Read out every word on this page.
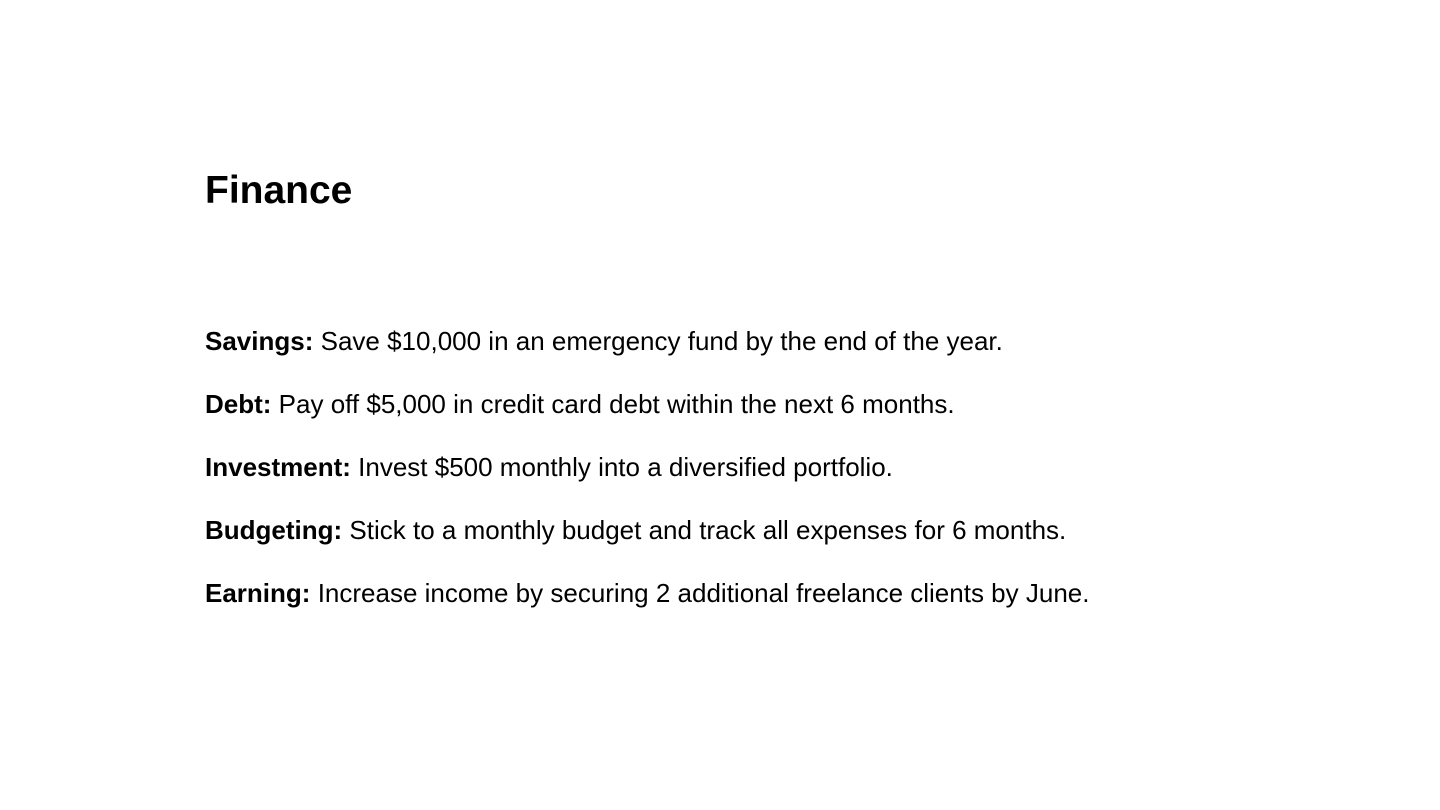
Finance
Savings: Save $10,000 in an emergency fund by the end of the year.
Debt: Pay off $5,000 in credit card debt within the next 6 months.
Investment: Invest $500 monthly into a diversified portfolio.
Budgeting: Stick to a monthly budget and track all expenses for 6 months.
Earning: Increase income by securing 2 additional freelance clients by June.
